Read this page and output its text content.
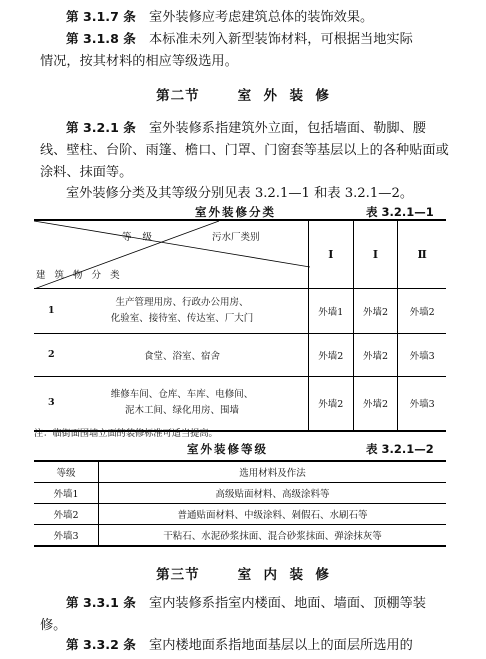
第 3.1.7 条　 室外装修应考虑建筑总体的装饰效果。

第 3.1.8 条　 本标准未列入新型装饰材料，可根据当地实际
情况，按其材料的相应等级选用。

第二节	室 外 装 修

第 3.2.1 条　 室外装修系指建筑外立面，包括墙面、勒脚、腰
线、壁柱、台阶、雨篷、檐口、门罩、门窗套等基层以上的各种贴面或
涂料、抹面等。

室外装修分类及其等级分别见表 3.2.1—1 和表 3.2.1—2。

室外装修分类	表 3.2.1—1
等 级 污水厂类别
建 筑 物 分 类	Ⅰ	Ⅰ	Ⅱ

1
生产管理用房、行政办公用房、
化验室、接待室、传达室、厂大门	外墙1	外墙2	外墙2

2 食堂、浴室、宿舍	外墙2	外墙2	外墙3

3
维修车间、仓库、车库、电修间、
泥木工间、绿化用房、围墙	外墙2	外墙2	外墙3
注：临街面围墙立面的装修标准可适当提高。
室外装修等级	表 3.2.1—2
等级	选用材料及作法
外墙1	高级贴面材料、高级涂料等
外墙2	普通贴面材料、中级涂料、剁假石、水刷石等
外墙3	干粘石、水泥砂浆抹面、混合砂浆抹面、弹涂抹灰等
第三节	室 内 装 修

第 3.3.1 条　 室内装修系指室内楼面、地面、墙面、顶棚等装
修。

第 3.3.2 条　 室内楼地面系指地面基层以上的面层所选用的
